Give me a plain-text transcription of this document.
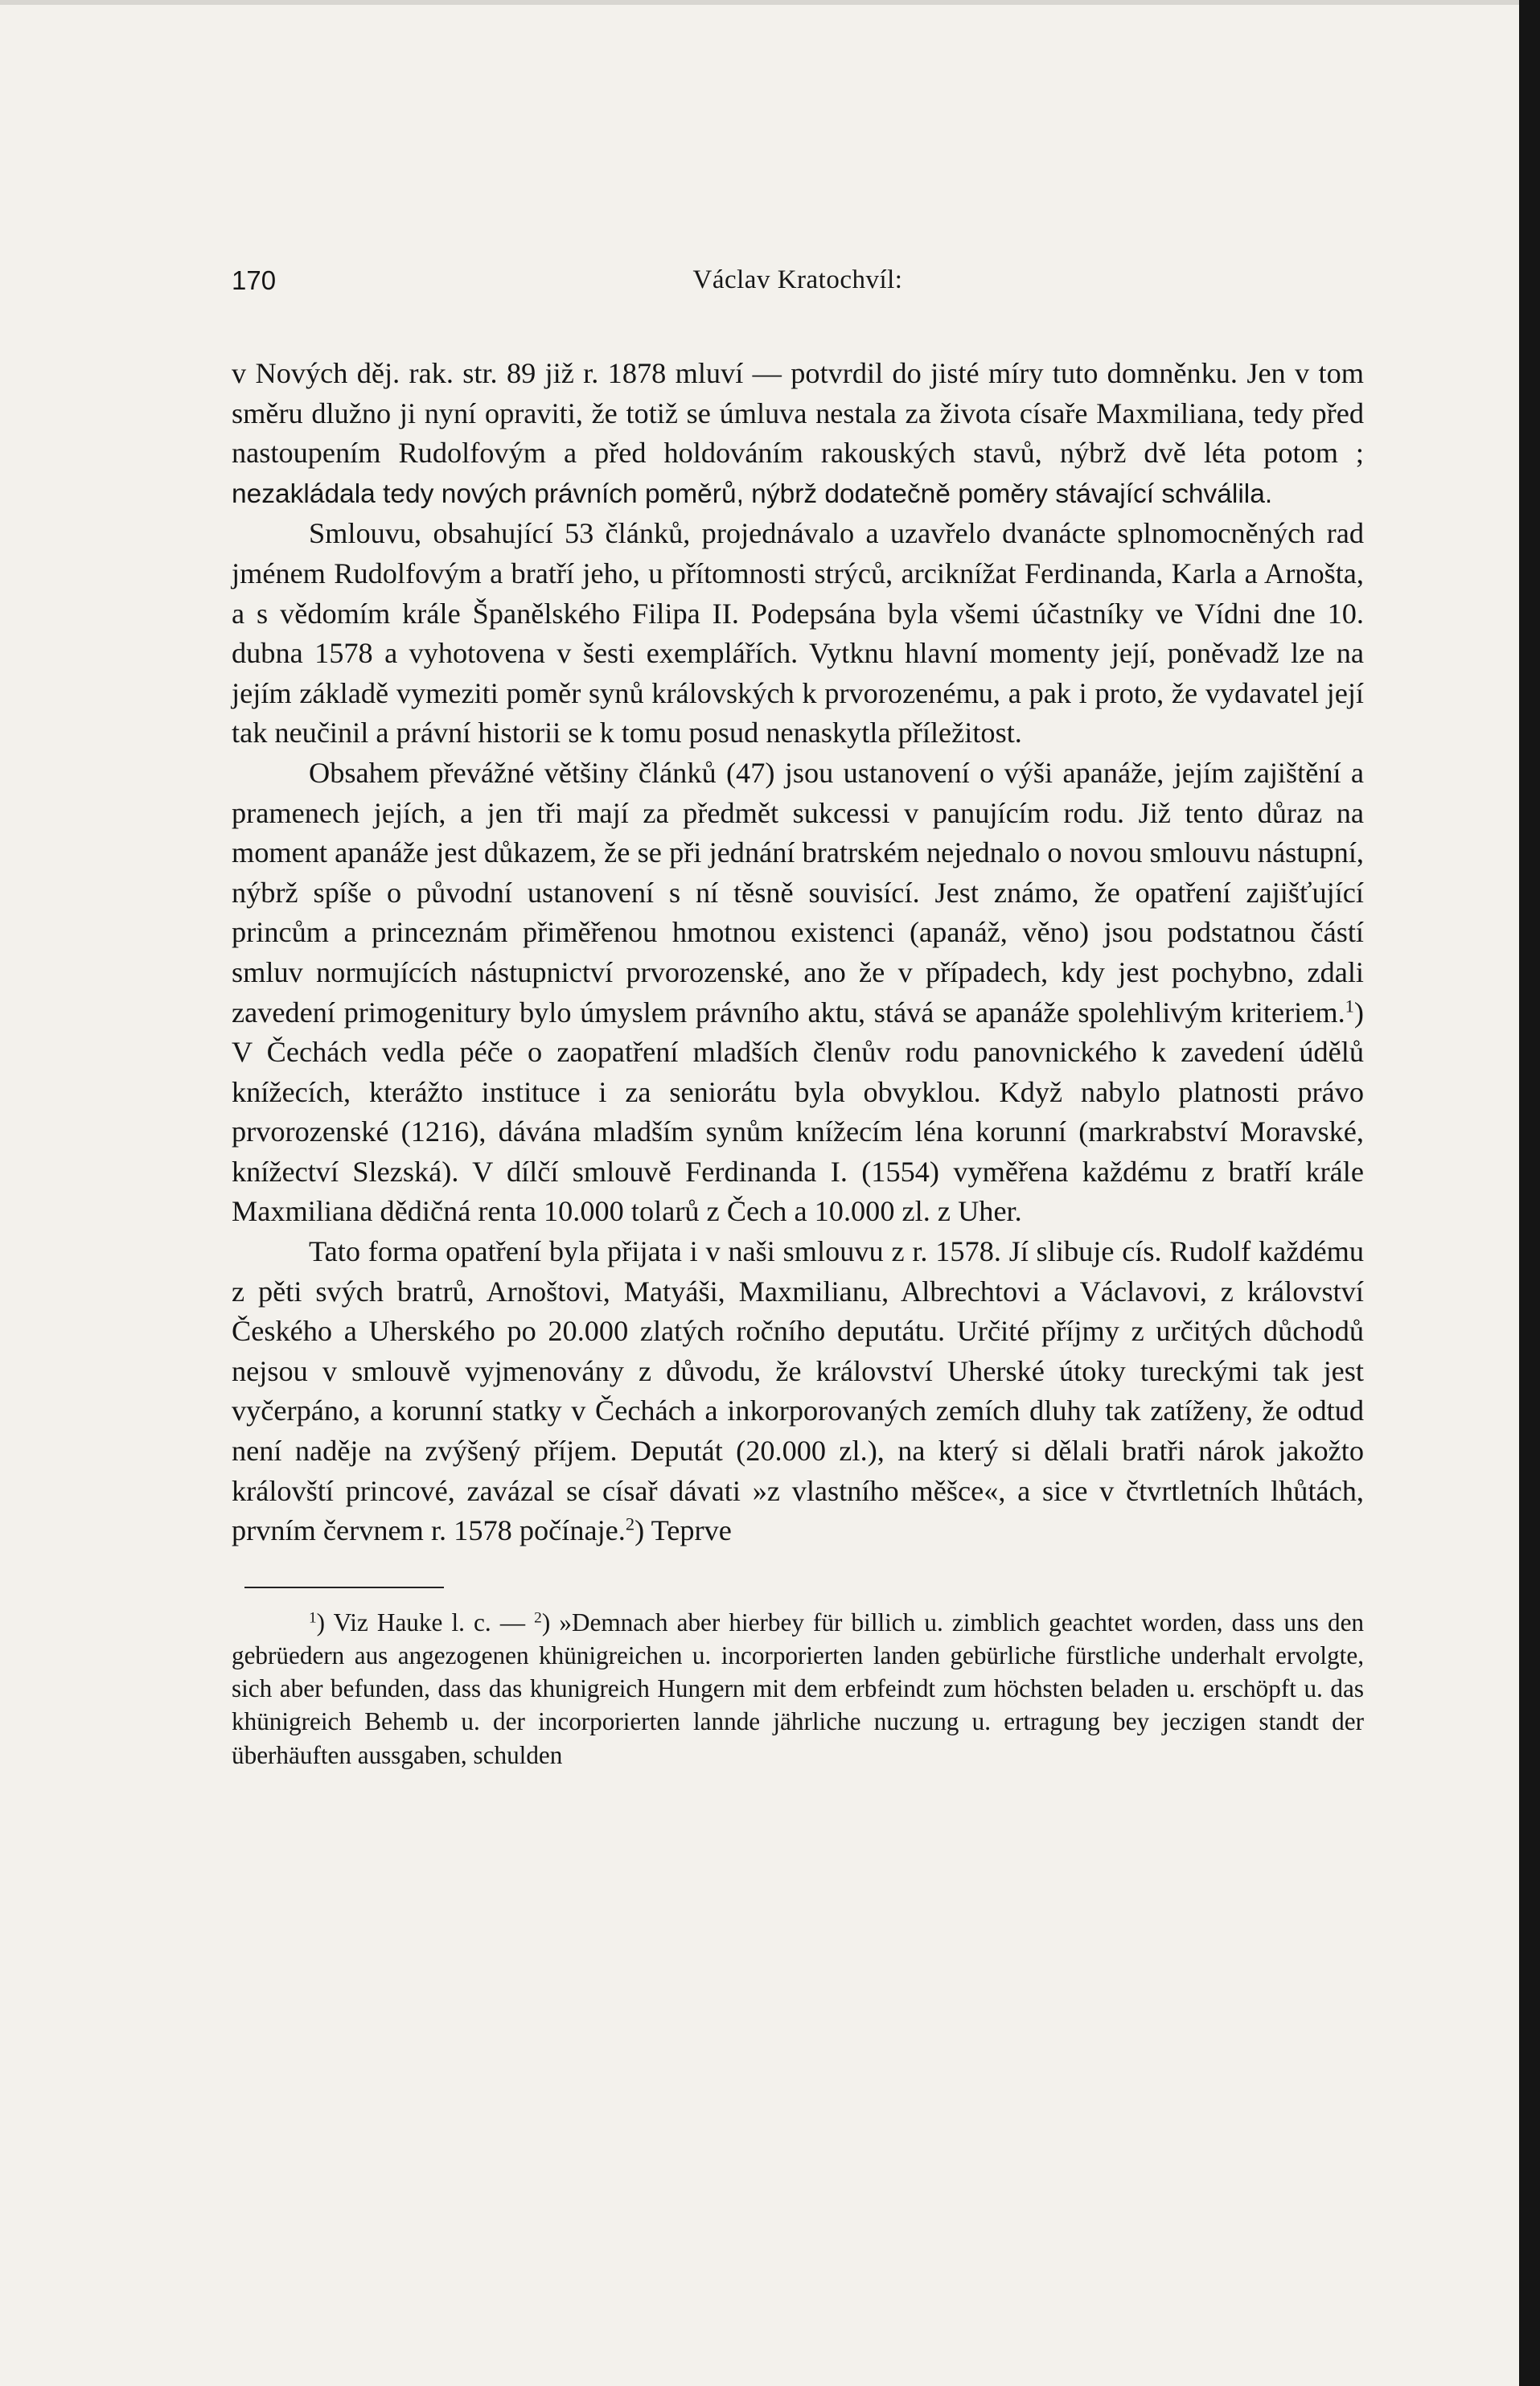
170	Václav Kratochvíl:

v Nových děj. rak. str. 89 již r. 1878 mluví — potvrdil do jisté míry tuto domněnku. Jen v tom směru dlužno ji nyní opraviti, že totiž se úmluva nestala za života císaře Maxmiliana, tedy před nastoupením Rudolfovým a před holdováním rakouských stavů, nýbrž dvě léta potom ; nezakládala tedy nových právních poměrů, nýbrž dodatečně poměry stávající schválila.

Smlouvu, obsahující 53 článků, projednávalo a uzavřelo dvanácte splnomocněných rad jménem Rudolfovým a bratří jeho, u přítomnosti strýců, arciknížat Ferdinanda, Karla a Arnošta, a s vědomím krále Španělského Filipa II. Podepsána byla všemi účastníky ve Vídni dne 10. dubna 1578 a vyhotovena v šesti exemplářích. Vytknu hlavní momenty její, poněvadž lze na jejím základě vymeziti poměr synů královských k prvorozenému, a pak i proto, že vydavatel její tak neučinil a právní historii se k tomu posud nenaskytla příležitost.

Obsahem převážné většiny článků (47) jsou ustanovení o výši apanáže, jejím zajištění a pramenech jejích, a jen tři mají za předmět sukcessi v panujícím rodu. Již tento důraz na moment apanáže jest důkazem, že se při jednání bratrském nejednalo o novou smlouvu nástupní, nýbrž spíše o původní ustanovení s ní těsně souvisící. Jest známo, že opatření zajišťující princům a princeznám přiměřenou hmotnou existenci (apanáž, věno) jsou podstatnou částí smluv normujících nástupnictví prvorozenské, ano že v případech, kdy jest pochybno, zdali zavedení primogenitury bylo úmyslem právního aktu, stává se apanáže spolehlivým kriteriem.$^1$) V Čechách vedla péče o zaopatření mladších členův rodu panovnického k zavedení údělů knížecích, kterážto instituce i za seniorátu byla obvyklou. Když nabylo platnosti právo prvorozenské (1216), dávána mladším synům knížecím léna korunní (markrabství Moravské, knížectví Slezská). V dílčí smlouvě Ferdinanda I. (1554) vyměřena každému z bratří krále Maxmiliana dědičná renta 10.000 tolarů z Čech a 10.000 zl. z Uher.

Tato forma opatření byla přijata i v naši smlouvu z r. 1578. Jí slibuje cís. Rudolf každému z pěti svých bratrů, Arnoštovi, Matyáši, Maxmilianu, Albrechtovi a Václavovi, z království Českého a Uherského po 20.000 zlatých ročního deputátu. Určité příjmy z určitých důchodů nejsou v smlouvě vyjmenovány z důvodu, že království Uherské útoky tureckými tak jest vyčerpáno, a korunní statky v Čechách a inkorporovaných zemích dluhy tak zatíženy, že odtud není naděje na zvýšený příjem. Deputát (20.000 zl.), na který si dělali bratři nárok jakožto královští princové, zavázal se císař dávati »z vlastního měšce«, a sice v čtvrtletních lhůtách, prvním červnem r. 1578 počínaje.$^2$) Teprve

$^1$) Viz Hauke l. c. — $^2$) »Demnach aber hierbey für billich u. zimblich geachtet worden, dass uns den gebrüedern aus angezogenen khünigreichen u. incorporierten landen gebürliche fürstliche underhalt ervolgte, sich aber befunden, dass das khunigreich Hungern mit dem erbfeindt zum höchsten beladen u. erschöpft u. das khünigreich Behemb u. der incorporierten lannde jährliche nuczung u. ertragung bey jeczigen standt der überhäuften aussgaben, schulden
